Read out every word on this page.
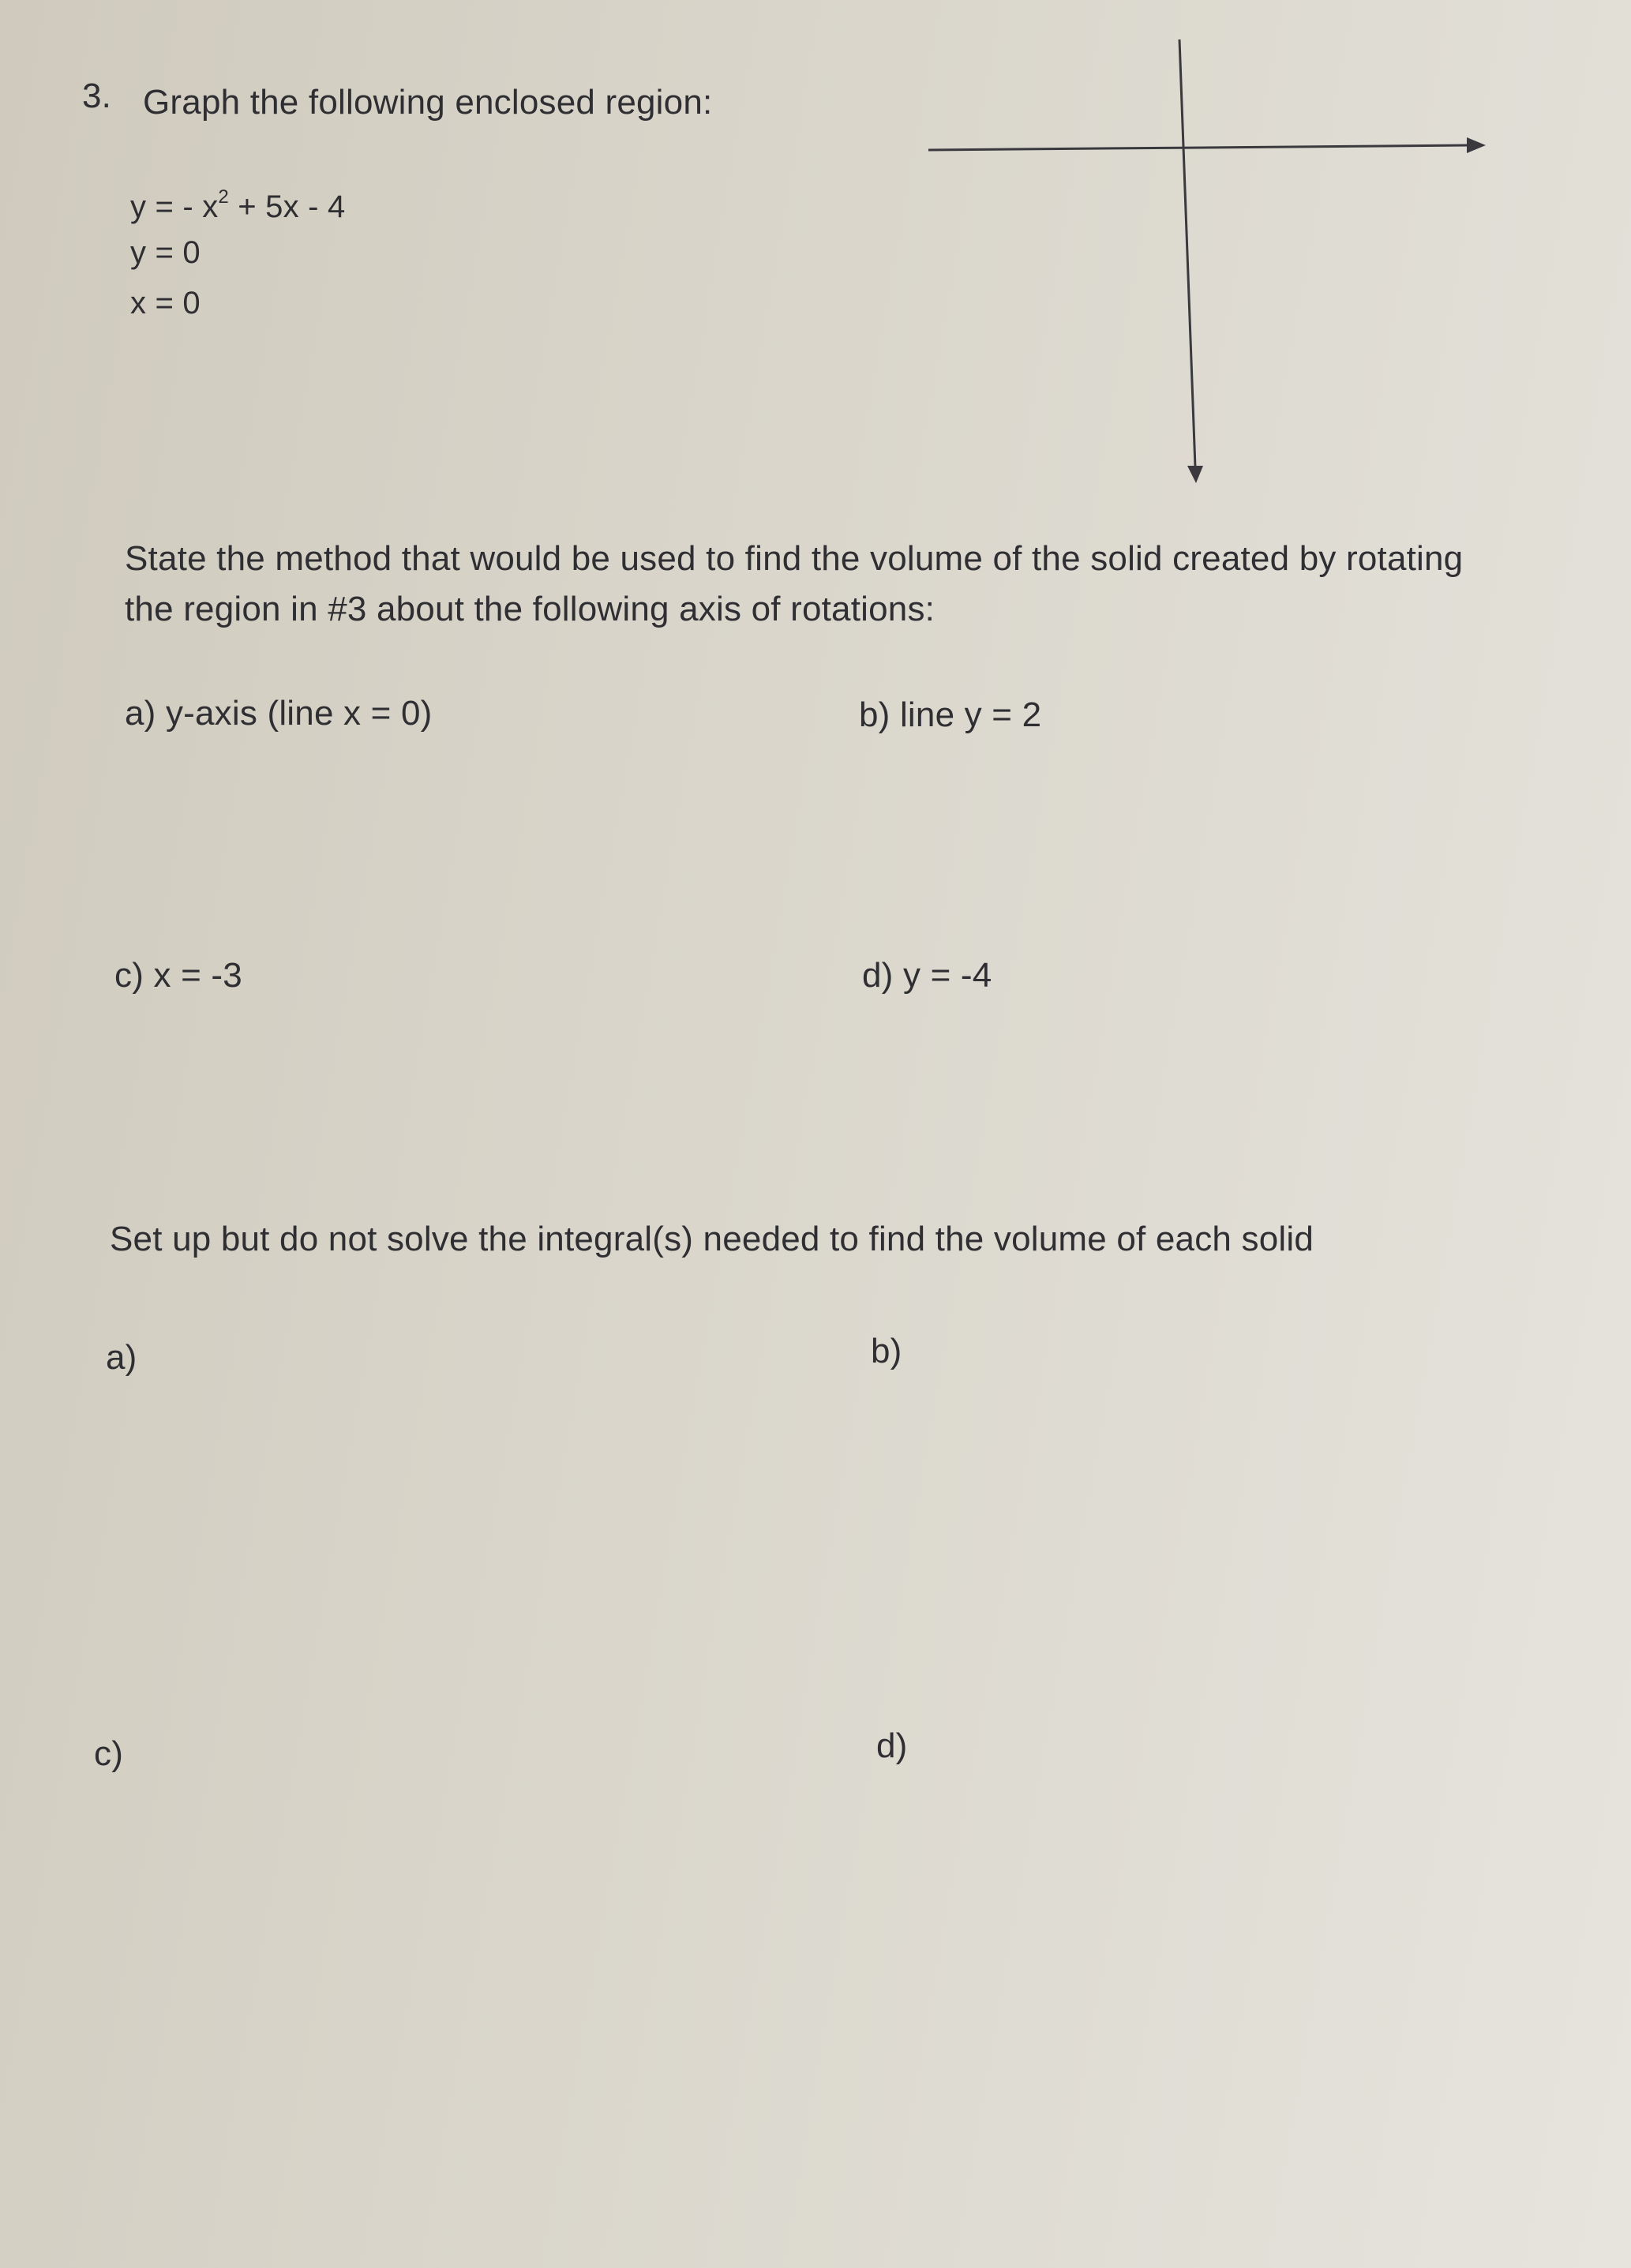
3. Graph the following enclosed region:
y = - $x^2 + 5x - 4$
y = 0
x = 0
State the method that would be used to find the volume of the solid created by rotating
the region in #3 about the following axis of rotations:
a) y-axis (line x = 0)	b) line y = 2
c) x = -3	d) y = -4
Set up but do not solve the integral(s) needed to find the volume of each solid
a)	b)
c)	d)
